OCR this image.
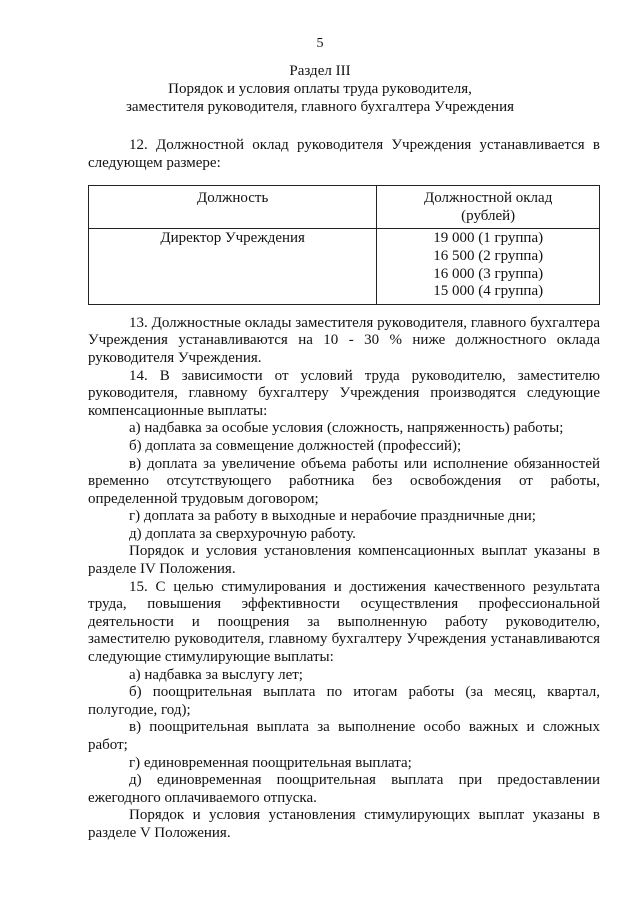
5
Раздел III
Порядок и условия оплаты труда руководителя,
заместителя руководителя, главного бухгалтера Учреждения

12. Должностной оклад руководителя Учреждения устанавливается в следующем размере:

Должность	Должностной оклад
(рублей)

Директор Учреждения	19 000 (1 группа)
16 500 (2 группа)
16 000 (3 группа)
15 000 (4 группа)

13. Должностные оклады заместителя руководителя, главного бухгалтера Учреждения устанавливаются на 10 - 30 % ниже должностного оклада руководителя Учреждения.

14. В зависимости от условий труда руководителю, заместителю руководителя, главному бухгалтеру Учреждения производятся следующие компенсационные выплаты:

а) надбавка за особые условия (сложность, напряженность) работы;

б) доплата за совмещение должностей (профессий);

в) доплата за увеличение объема работы или исполнение обязанностей временно отсутствующего работника без освобождения от работы, определенной трудовым договором;

г) доплата за работу в выходные и нерабочие праздничные дни;

д) доплата за сверхурочную работу.

Порядок и условия установления компенсационных выплат указаны в разделе IV Положения.

15. С целью стимулирования и достижения качественного результата труда, повышения эффективности осуществления профессиональной деятельности и поощрения за выполненную работу руководителю, заместителю руководителя, главному бухгалтеру Учреждения устанавливаются следующие стимулирующие выплаты:

а) надбавка за выслугу лет;

б) поощрительная выплата по итогам работы (за месяц, квартал, полугодие, год);

в) поощрительная выплата за выполнение особо важных и сложных работ;

г) единовременная поощрительная выплата;

д) единовременная поощрительная выплата при предоставлении ежегодного оплачиваемого отпуска.

Порядок и условия установления стимулирующих выплат указаны в разделе V Положения.
